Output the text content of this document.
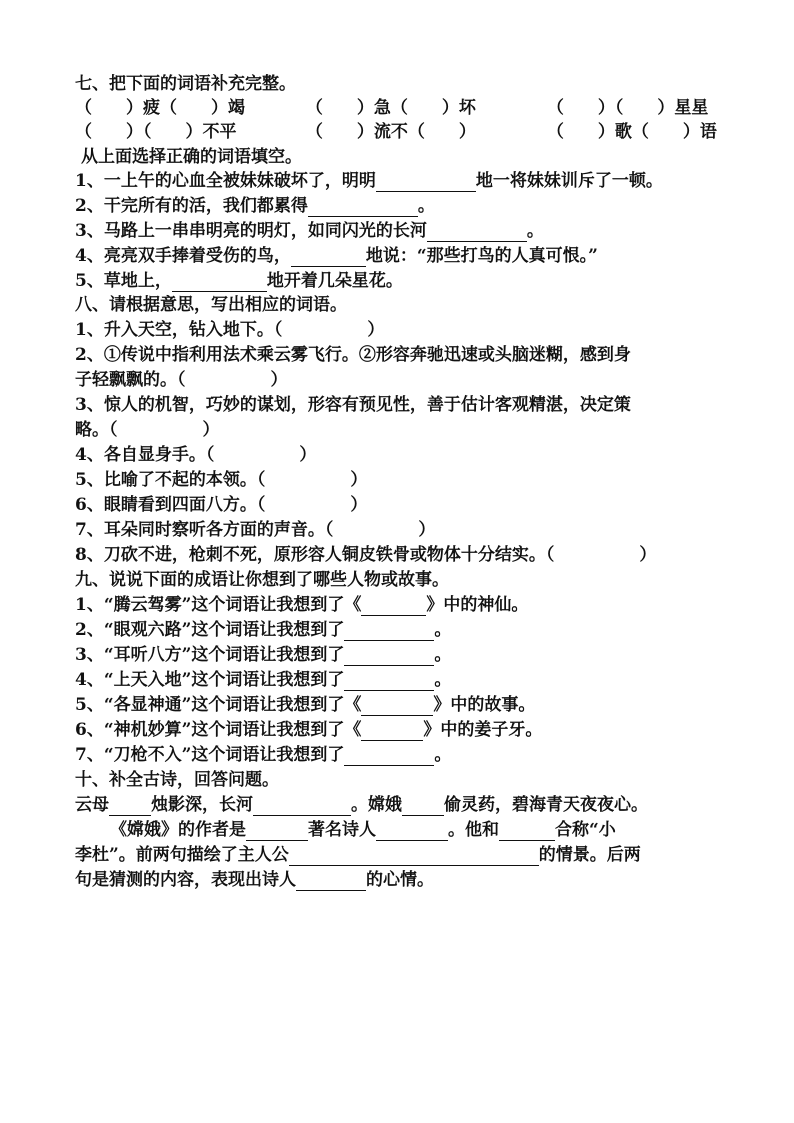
七、把下面的词语补充完整。
（　　）疲（　　）竭	（　　）急（　　）坏	（　　）（　　）星星
（　　）（　　）不平	（　　）流不（　　）	（　　）歌（　　）语
从上面选择正确的词语填空。
1、一上午的心血全被妹妹破坏了，明明	地一将妹妹训斥了一顿。
2、干完所有的活，我们都累得	。
3、马路上一串串明亮的明灯，如同闪光的长河	。
4、亮亮双手捧着受伤的鸟，	地说：“那些打鸟的人真可恨。”
5、草地上，	地开着几朵星花。
八、请根据意思，写出相应的词语。
1、升入天空，钻入地下。（　　　　　）
2、①传说中指利用法术乘云雾飞行。②形容奔驰迅速或头脑迷糊，感到身
子轻飘飘的。（　　　　　）
3、惊人的机智，巧妙的谋划，形容有预见性，善于估计客观精湛，决定策
略。（　　　　　）
4、各自显身手。（　　　　　）
5、比喻了不起的本领。（　　　　　）
6、眼睛看到四面八方。（　　　　　）
7、耳朵同时察听各方面的声音。（　　　　　）
8、刀砍不进，枪刺不死，原形容人铜皮铁骨或物体十分结实。（　　　　　）
九、说说下面的成语让你想到了哪些人物或故事。
1、“腾云驾雾”这个词语让我想到了《	》中的神仙。
2、“眼观六路”这个词语让我想到了	。
3、“耳听八方”这个词语让我想到了	。
4、“上天入地”这个词语让我想到了	。
5、“各显神通”这个词语让我想到了《	》中的故事。
6、“神机妙算”这个词语让我想到了《	》中的姜子牙。
7、“刀枪不入”这个词语让我想到了	。
十、补全古诗，回答问题。
云母 烛影深，长河	。嫦娥 偷灵药，碧海青天夜夜心。
《嫦娥》的作者是	著名诗人	。他和	合称“小
李杜”。前两句描绘了主人公	的情景。后两
句是猜测的内容，表现出诗人	的心情。
